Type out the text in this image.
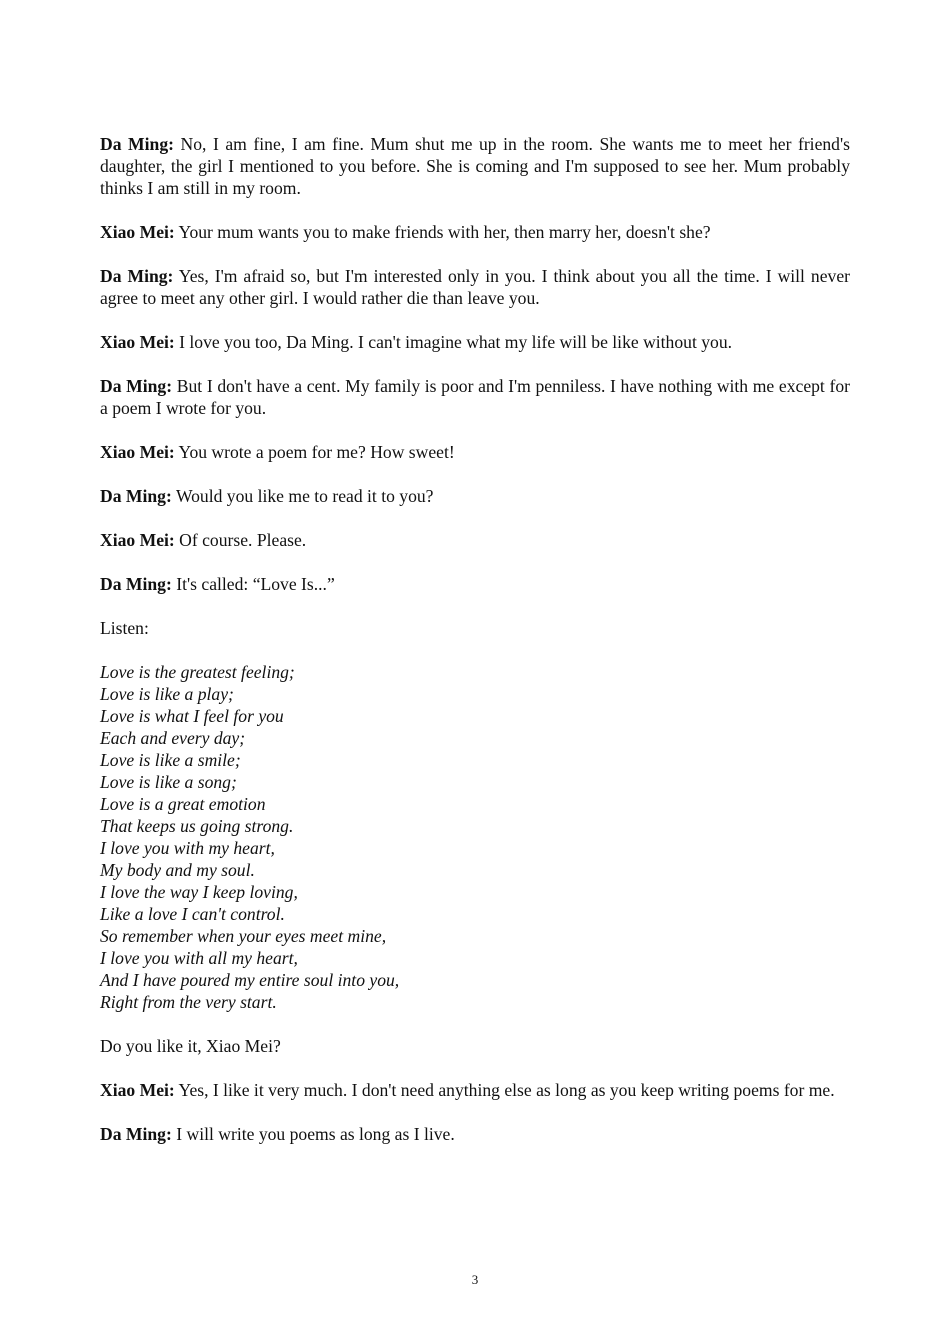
Da Ming: No, I am fine, I am fine. Mum shut me up in the room. She wants me to meet her friend's daughter, the girl I mentioned to you before. She is coming and I'm supposed to see her. Mum probably thinks I am still in my room.

Xiao Mei: Your mum wants you to make friends with her, then marry her, doesn't she?

Da Ming: Yes, I'm afraid so, but I'm interested only in you. I think about you all the time. I will never agree to meet any other girl. I would rather die than leave you.

Xiao Mei: I love you too, Da Ming. I can't imagine what my life will be like without you.

Da Ming: But I don't have a cent. My family is poor and I'm penniless. I have nothing with me except for a poem I wrote for you.

Xiao Mei: You wrote a poem for me? How sweet!

Da Ming: Would you like me to read it to you?

Xiao Mei: Of course. Please.

Da Ming: It's called: “Love Is...”

Listen:

Love is the greatest feeling;
Love is like a play;
Love is what I feel for you
Each and every day;
Love is like a smile;
Love is like a song;
Love is a great emotion
That keeps us going strong.
I love you with my heart,
My body and my soul.
I love the way I keep loving,
Like a love I can't control.
So remember when your eyes meet mine,
I love you with all my heart,
And I have poured my entire soul into you,
Right from the very start.

Do you like it, Xiao Mei?

Xiao Mei: Yes, I like it very much. I don't need anything else as long as you keep writing poems for me.

Da Ming: I will write you poems as long as I live.

3
